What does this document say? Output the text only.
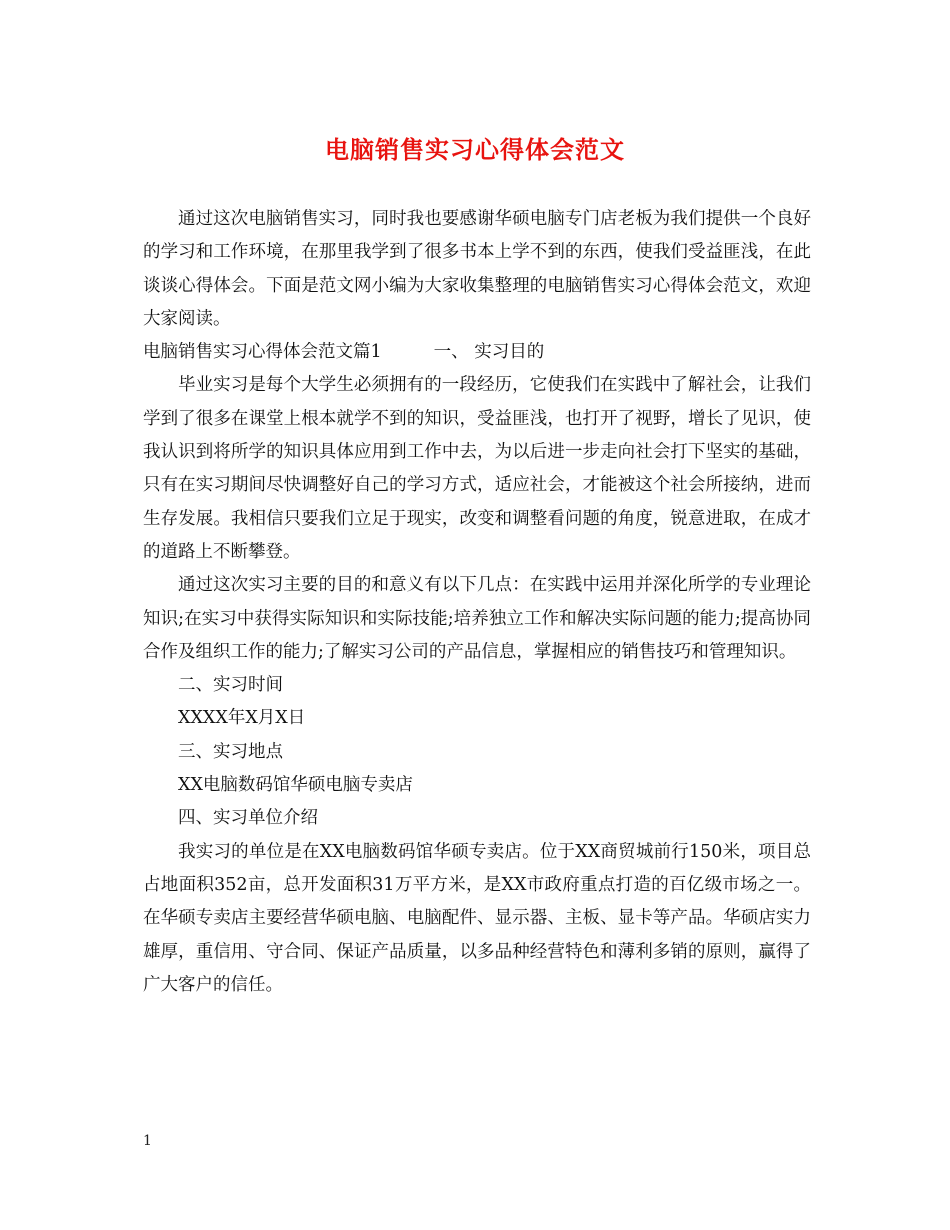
电脑销售实习心得体会范文

通过这次电脑销售实习，同时我也要感谢华硕电脑专门店老板为我们提供一个良好的学习和工作环境，在那里我学到了很多书本上学不到的东西，使我们受益匪浅，在此谈谈心得体会。下面是范文网小编为大家收集整理的电脑销售实习心得体会范文，欢迎大家阅读。

电脑销售实习心得体会范文篇1	一、 实习目的

毕业实习是每个大学生必须拥有的一段经历，它使我们在实践中了解社会，让我们学到了很多在课堂上根本就学不到的知识，受益匪浅，也打开了视野，增长了见识，使我认识到将所学的知识具体应用到工作中去，为以后进一步走向社会打下坚实的基础，只有在实习期间尽快调整好自己的学习方式，适应社会，才能被这个社会所接纳，进而生存发展。我相信只要我们立足于现实，改变和调整看问题的角度，锐意进取，在成才的道路上不断攀登。

通过这次实习主要的目的和意义有以下几点：在实践中运用并深化所学的专业理论知识;在实习中获得实际知识和实际技能;培养独立工作和解决实际问题的能力;提高协同合作及组织工作的能力;了解实习公司的产品信息，掌握相应的销售技巧和管理知识。

二、实习时间

XXXX年X月X日

三、实习地点

XX电脑数码馆华硕电脑专卖店

四、实习单位介绍

我实习的单位是在XX电脑数码馆华硕专卖店。位于XX商贸城前行150米，项目总占地面积352亩，总开发面积31万平方米，是XX市政府重点打造的百亿级市场之一。在华硕专卖店主要经营华硕电脑、电脑配件、显示器、主板、显卡等产品。华硕店实力雄厚，重信用、守合同、保证产品质量，以多品种经营特色和薄利多销的原则，赢得了广大客户的信任。

1
